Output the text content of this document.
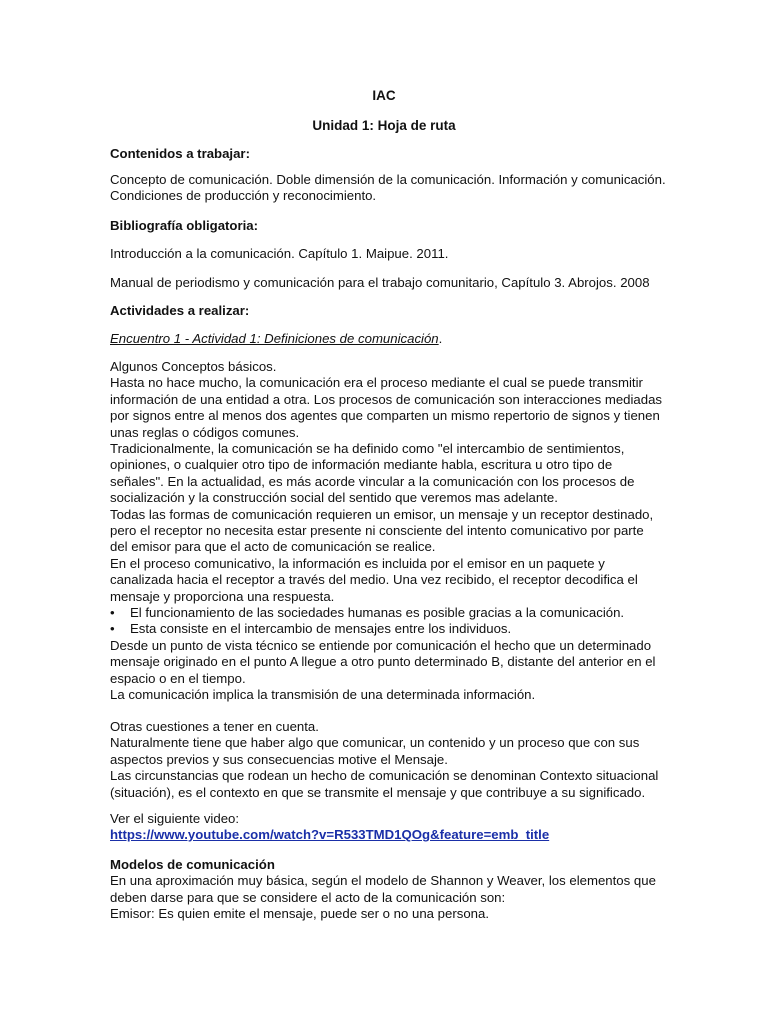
IAC
Unidad 1: Hoja de ruta
Contenidos a trabajar:
Concepto de comunicación. Doble dimensión de la comunicación. Información y comunicación.
Condiciones de producción y reconocimiento.
Bibliografía obligatoria:
Introducción a la comunicación. Capítulo 1. Maipue. 2011.
Manual de periodismo y comunicación para el trabajo comunitario, Capítulo 3. Abrojos. 2008
Actividades a realizar:
Encuentro 1 - Actividad 1: Definiciones de comunicación.
Algunos Conceptos básicos.
Hasta no hace mucho, la comunicación era el proceso mediante el cual se puede transmitir
información de una entidad a otra. Los procesos de comunicación son interacciones mediadas
por signos entre al menos dos agentes que comparten un mismo repertorio de signos y tienen
unas reglas o códigos comunes.
Tradicionalmente, la comunicación se ha definido como "el intercambio de sentimientos,
opiniones, o cualquier otro tipo de información mediante habla, escritura u otro tipo de
señales". En la actualidad, es más acorde vincular a la comunicación con los procesos de
socialización y la construcción social del sentido que veremos mas adelante.
Todas las formas de comunicación requieren un emisor, un mensaje y un receptor destinado,
pero el receptor no necesita estar presente ni consciente del intento comunicativo por parte
del emisor para que el acto de comunicación se realice.
En el proceso comunicativo, la información es incluida por el emisor en un paquete y
canalizada hacia el receptor a través del medio. Una vez recibido, el receptor decodifica el
mensaje y proporciona una respuesta.
• El funcionamiento de las sociedades humanas es posible gracias a la comunicación.
• Esta consiste en el intercambio de mensajes entre los individuos.
Desde un punto de vista técnico se entiende por comunicación el hecho que un determinado
mensaje originado en el punto A llegue a otro punto determinado B, distante del anterior en el
espacio o en el tiempo.
La comunicación implica la transmisión de una determinada información.
Otras cuestiones a tener en cuenta.
Naturalmente tiene que haber algo que comunicar, un contenido y un proceso que con sus
aspectos previos y sus consecuencias motive el Mensaje.
Las circunstancias que rodean un hecho de comunicación se denominan Contexto situacional
(situación), es el contexto en que se transmite el mensaje y que contribuye a su significado.
Ver el siguiente video:
https://www.youtube.com/watch?v=R533TMD1QOg&feature=emb_title
Modelos de comunicación
En una aproximación muy básica, según el modelo de Shannon y Weaver, los elementos que
deben darse para que se considere el acto de la comunicación son:
Emisor: Es quien emite el mensaje, puede ser o no una persona.
